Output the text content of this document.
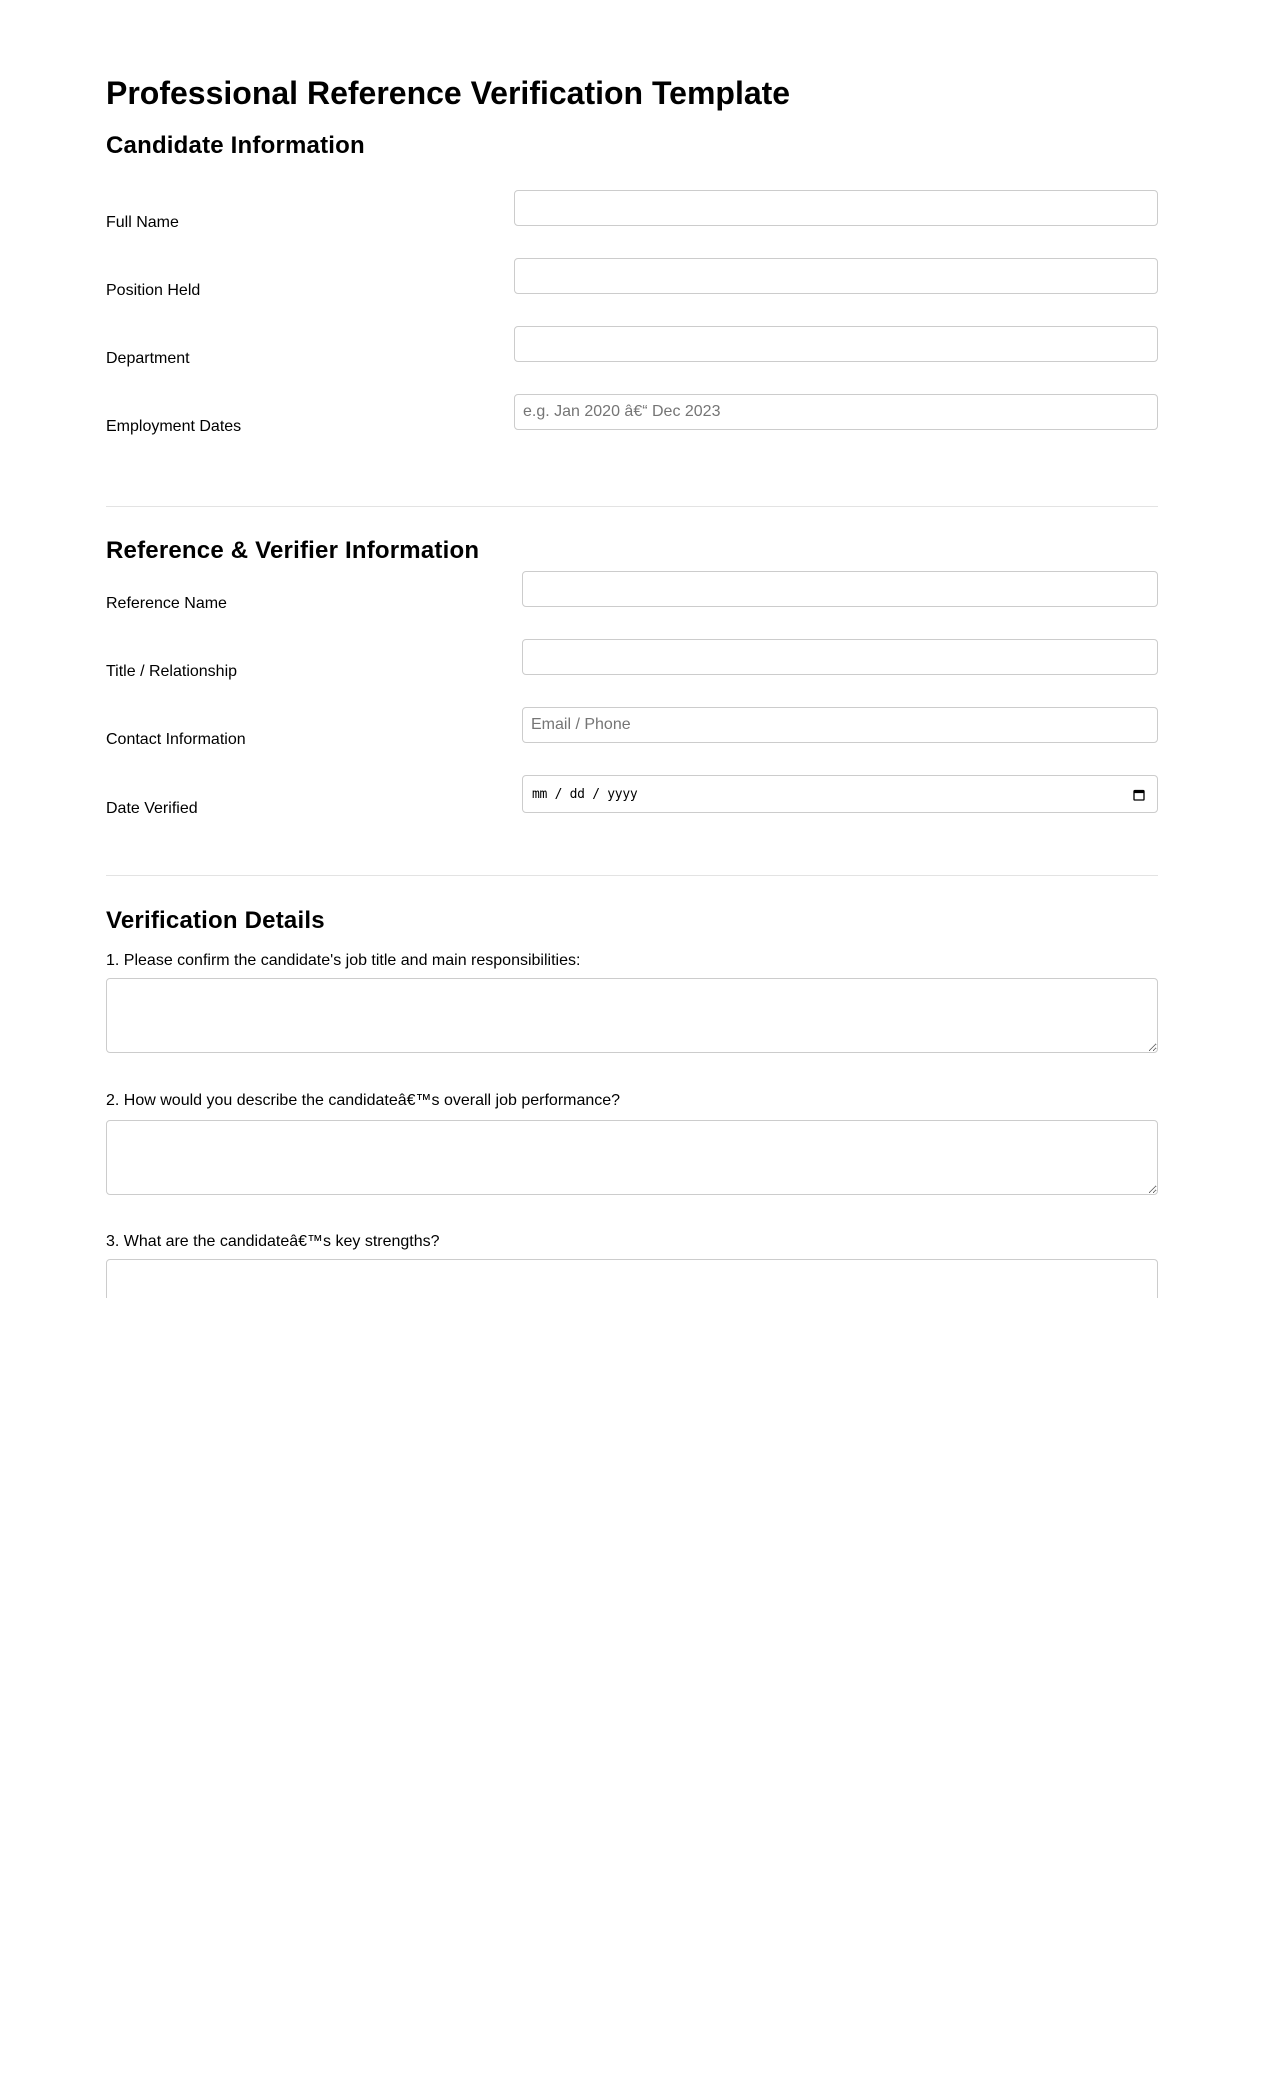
Professional Reference Verification Template
Candidate Information
Full Name
Position Held
Department
Employment Dates
e.g. Jan 2020 â€“ Dec 2023
Reference & Verifier Information
Reference Name
Title / Relationship
Contact Information
Email / Phone
Date Verified
mm / dd / yyyy
Verification Details
1. Please confirm the candidate's job title and main responsibilities:
2. How would you describe the candidateâ€™s overall job performance?
3. What are the candidateâ€™s key strengths?
